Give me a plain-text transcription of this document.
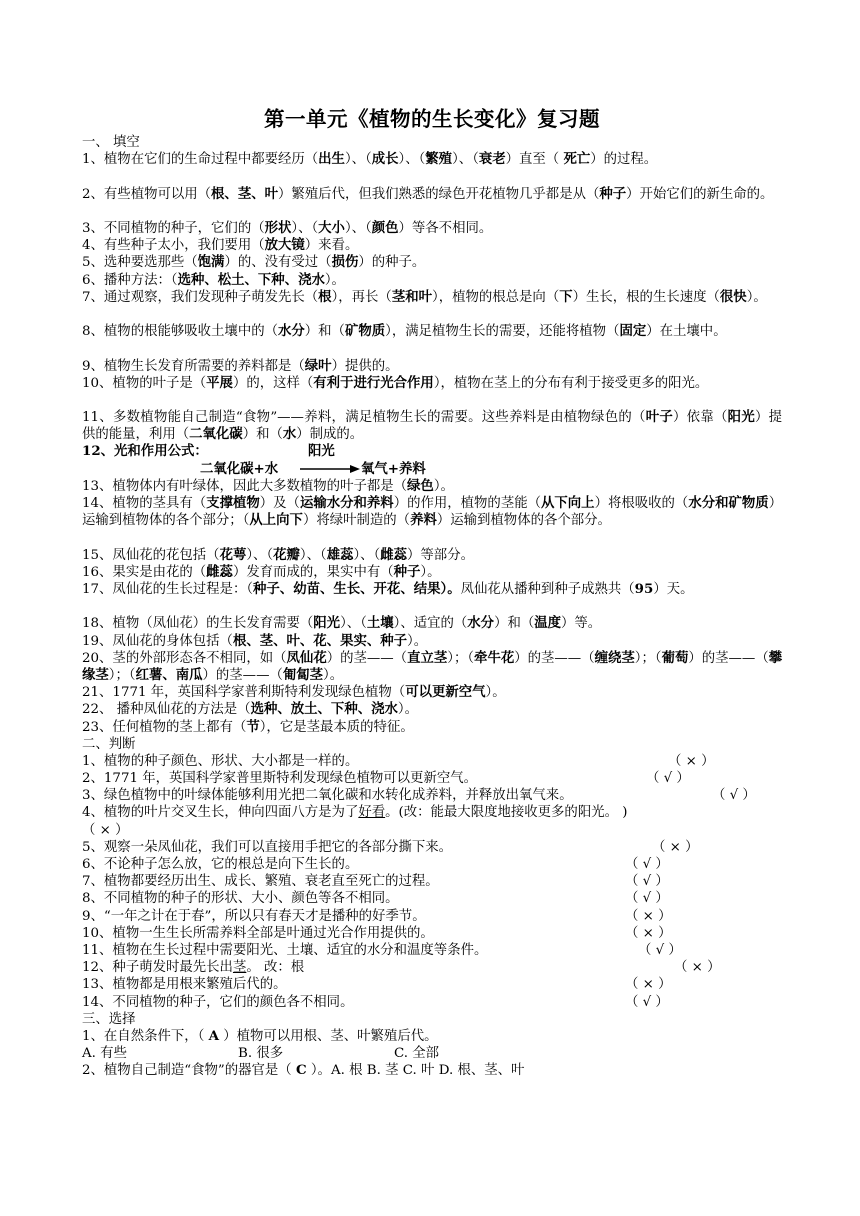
第一单元《植物的生长变化》复习题
一、 填空
1、植物在它们的生命过程中都要经历（出生）、（成长）、（繁殖）、（衰老）直至（ 死亡）的过程。
2、有些植物可以用（根、茎、叶）繁殖后代，但我们熟悉的绿色开花植物几乎都是从（种子）开始它们的新生命的。
3、不同植物的种子，它们的（形状）、（大小）、（颜色）等各不相同。
4、有些种子太小，我们要用（放大镜）来看。
5、选种要选那些（饱满）的、没有受过（损伤）的种子。
6、播种方法：（选种、松土、下种、浇水）。
7、通过观察，我们发现种子萌发先长（根），再长（茎和叶），植物的根总是向（下）生长，根的生长速度（很快）。
8、植物的根能够吸收土壤中的（水分）和（矿物质），满足植物生长的需要，还能将植物（固定）在土壤中。
9、植物生长发育所需要的养料都是（绿叶）提供的。
10、植物的叶子是（平展）的，这样（有利于进行光合作用），植物在茎上的分布有利于接受更多的阳光。
11、多数植物能自己制造“食物”——养料，满足植物生长的需要。这些养料是由植物绿色的（叶子）依靠（阳光）提供的能量，利用（二氧化碳）和（水）制成的。
12、光和作用公式：	阳光
二氧化碳+水	氧气+养料
13、植物体内有叶绿体，因此大多数植物的叶子都是（绿色）。
14、植物的茎具有（支撑植物）及（运输水分和养料）的作用，植物的茎能（从下向上）将根吸收的（水分和矿物质）运输到植物体的各个部分；（从上向下）将绿叶制造的（养料）运输到植物体的各个部分。
15、凤仙花的花包括（花萼）、（花瓣）、（雄蕊）、（雌蕊）等部分。
16、果实是由花的（雌蕊）发育而成的，果实中有（种子）。
17、凤仙花的生长过程是：（种子、幼苗、生长、开花、结果）。凤仙花从播种到种子成熟共（95）天。
18、植物（凤仙花）的生长发育需要（阳光）、（土壤）、适宜的（水分）和（温度）等。
19、凤仙花的身体包括（根、茎、叶、花、果实、种子）。
20、茎的外部形态各不相同，如（凤仙花）的茎——（直立茎）；（牵牛花）的茎——（缠绕茎）；（葡萄）的茎——（攀缘茎）；（红薯、南瓜）的茎——（匍匐茎）。
21、1771 年，英国科学家普利斯特利发现绿色植物（可以更新空气）。
22、 播种凤仙花的方法是（选种、放土、下种、浇水）。
23、任何植物的茎上都有（节），它是茎最本质的特征。
二、判断
1、植物的种子颜色、形状、大小都是一样的。	（ × ）
2、1771 年，英国科学家普里斯特利发现绿色植物可以更新空气。	（ √ ）
3、绿色植物中的叶绿体能够利用光把二氧化碳和水转化成养料，并释放出氧气来。	（ √ ）
4、植物的叶片交叉生长，伸向四面八方是为了好看。(改：能最大限度地接收更多的阳光。 )
（ × ）
5、观察一朵凤仙花，我们可以直接用手把它的各部分撕下来。	（ × ）
6、不论种子怎么放，它的根总是向下生长的。	（ √ ）
7、植物都要经历出生、成长、繁殖、衰老直至死亡的过程。	（ √ ）
8、不同植物的种子的形状、大小、颜色等各不相同。	（ √ ）
9、“一年之计在于春”，所以只有春天才是播种的好季节。	（ × ）
10、植物一生生长所需养料全部是叶通过光合作用提供的。	（ × ）
11、植物在生长过程中需要阳光、土壤、适宜的水分和温度等条件。	（ √ ）
12、种子萌发时最先长出茎。 改：根	（ × ）
13、植物都是用根来繁殖后代的。	（ × ）
14、不同植物的种子，它们的颜色各不相同。	（ √ ）
三、选择
1、在自然条件下，（ A ）植物可以用根、茎、叶繁殖后代。
A. 有些	B. 很多	C. 全部
2、植物自己制造“食物”的器官是（ C ）。A. 根 B. 茎 C. 叶 D. 根、茎、叶
